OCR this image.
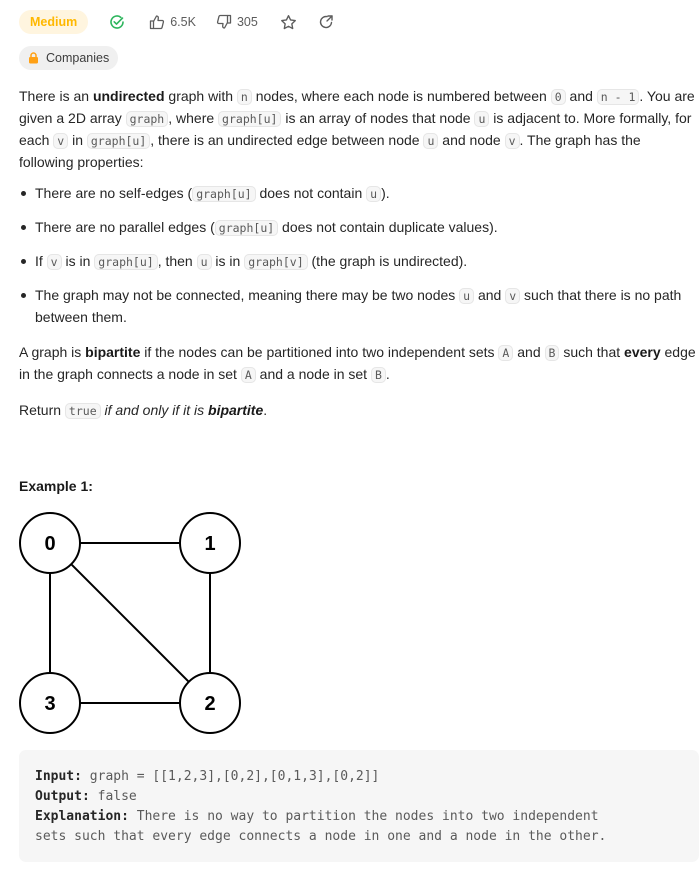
Medium	6.5K	305
Companies

There is an undirected graph with n nodes, where each node is numbered between 0 and n - 1 . You are given a 2D array graph , where graph[u] is an array of nodes that node u is adjacent to. More formally, for each v in graph[u] , there is an undirected edge between node u and node v . The graph has the following properties:

There are no self-edges ( graph[u] does not contain u ).
There are no parallel edges ( graph[u] does not contain duplicate values).
If v is in graph[u] , then u is in graph[v] (the graph is undirected).
The graph may not be connected, meaning there may be two nodes u and v such that there is no path between them.

A graph is bipartite if the nodes can be partitioned into two independent sets A and B such that every edge in the graph connects a node in set A and a node in set B .

Return true if and only if it is bipartite.

Example 1:
0	1
2
3
Input: graph = [[1,2,3],[0,2],[0,1,3],[0,2]]
Output: false
Explanation: There is no way to partition the nodes into two independent
sets such that every edge connects a node in one and a node in the other.
